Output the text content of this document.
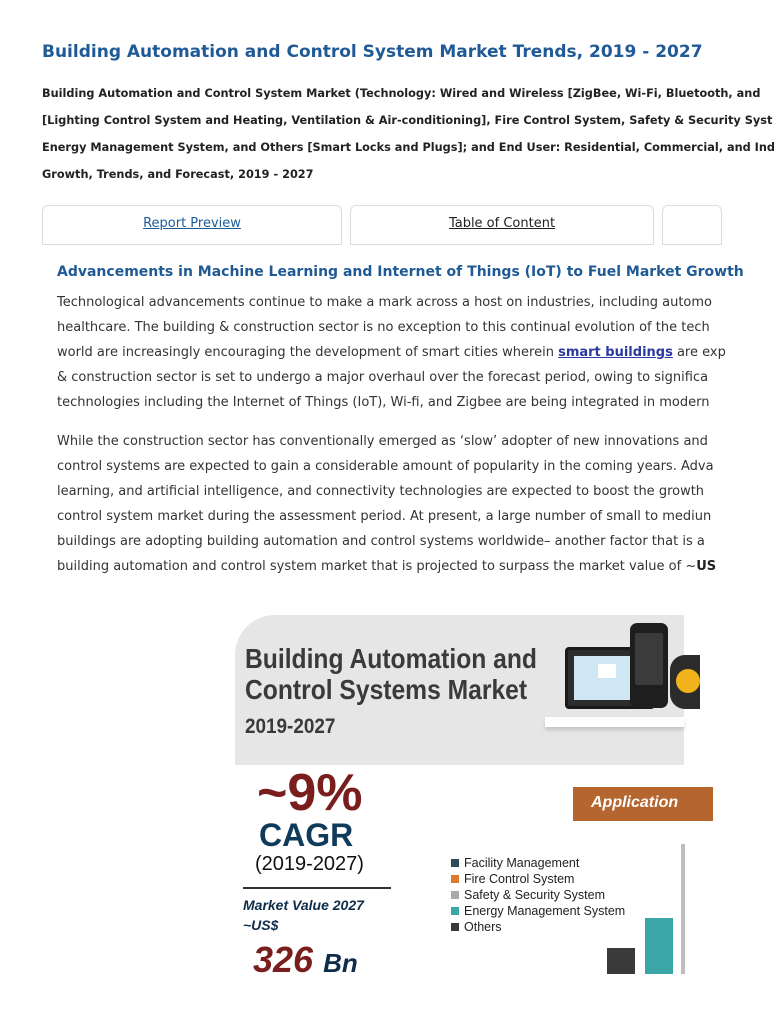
Building Automation and Control System Market Trends, 2019 - 2027
Building Automation and Control System Market (Technology: Wired and Wireless [ZigBee, Wi-Fi, Bluetooth, and
[Lighting Control System and Heating, Ventilation & Air-conditioning], Fire Control System, Safety & Security Syst
Energy Management System, and Others [Smart Locks and Plugs]; and End User: Residential, Commercial, and Ind
Growth, Trends, and Forecast, 2019 - 2027
Report Preview	Table of Content
Advancements in Machine Learning and Internet of Things (IoT) to Fuel Market Growth
Technological advancements continue to make a mark across a host on industries, including automo
healthcare. The building & construction sector is no exception to this continual evolution of the tech
world are increasingly encouraging the development of smart cities wherein smart buildings are exp
& construction sector is set to undergo a major overhaul over the forecast period, owing to significa
technologies including the Internet of Things (IoT), Wi-fi, and Zigbee are being integrated in modern
While the construction sector has conventionally emerged as ‘slow’ adopter of new innovations and
control systems are expected to gain a considerable amount of popularity in the coming years. Adva
learning, and artificial intelligence, and connectivity technologies are expected to boost the growth
control system market during the assessment period. At present, a large number of small to mediun
buildings are adopting building automation and control systems worldwide– another factor that is a
building automation and control system market that is projected to surpass the market value of ~US
Building Automation and
Control Systems Market
2019-2027
~9%
CAGR
(2019-2027)
Market Value 2027
~US$
326 Bn
Application
Facility Management
Fire Control System
Safety & Security System
Energy Management System
Others
